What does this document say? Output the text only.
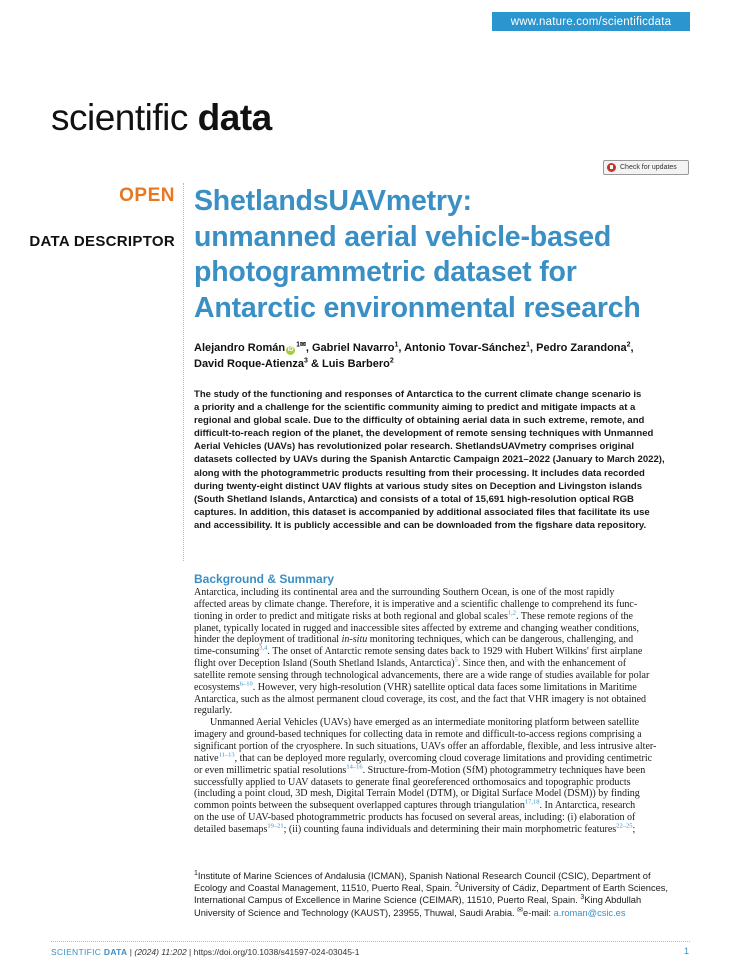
www.nature.com/scientificdata
scientific data
Check for updates
OPEN
DATA DESCRIPTOR
ShetlandsUAVmetry:
unmanned aerial vehicle-based
photogrammetric dataset for
Antarctic environmental research
Alejandro Román $iD^{1✉}$, Gabriel Navarro$^1$, Antonio Tovar-Sánchez$^1$, Pedro Zarandona$^2$,
David Roque-Atienza$^3$ & Luis Barbero$^2$
The study of the functioning and responses of Antarctica to the current climate change scenario is
a priority and a challenge for the scientific community aiming to predict and mitigate impacts at a
regional and global scale. Due to the difficulty of obtaining aerial data in such extreme, remote, and
difficult-to-reach region of the planet, the development of remote sensing techniques with Unmanned
Aerial Vehicles (UAVs) has revolutionized polar research. ShetlandsUAVmetry comprises original
datasets collected by UAVs during the Spanish Antarctic Campaign 2021–2022 (January to March 2022),
along with the photogrammetric products resulting from their processing. It includes data recorded
during twenty-eight distinct UAV flights at various study sites on Deception and Livingston islands
(South Shetland Islands, Antarctica) and consists of a total of 15,691 high-resolution optical RGB
captures. In addition, this dataset is accompanied by additional associated files that facilitate its use
and accessibility. It is publicly accessible and can be downloaded from the figshare data repository.
Background & Summary
Antarctica, including its continental area and the surrounding Southern Ocean, is one of the most rapidly
affected areas by climate change. Therefore, it is imperative and a scientific challenge to comprehend its func-
tioning in order to predict and mitigate risks at both regional and global scales$^{1,2}$. These remote regions of the
planet, typically located in rugged and inaccessible sites affected by extreme and changing weather conditions,
hinder the deployment of traditional in-situ monitoring techniques, which can be dangerous, challenging, and
time-consuming$^{3,4}$. The onset of Antarctic remote sensing dates back to 1929 with Hubert Wilkins' first airplane
flight over Deception Island (South Shetland Islands, Antarctica)$^5$. Since then, and with the enhancement of
satellite remote sensing through technological advancements, there are a wide range of studies available for polar
ecosystems$^{6-10}$. However, very high-resolution (VHR) satellite optical data faces some limitations in Maritime
Antarctica, such as the almost permanent cloud coverage, its cost, and the fact that VHR imagery is not obtained
regularly.
Unmanned Aerial Vehicles (UAVs) have emerged as an intermediate monitoring platform between satellite
imagery and ground-based techniques for collecting data in remote and difficult-to-access regions comprising a
significant portion of the cryosphere. In such situations, UAVs offer an affordable, flexible, and less intrusive alter-
native$^{11-13}$, that can be deployed more regularly, overcoming cloud coverage limitations and providing centimetric
or even millimetric spatial resolutions$^{14-16}$. Structure-from-Motion (SfM) photogrammetry techniques have been
successfully applied to UAV datasets to generate final georeferenced orthomosaics and topographic products
(including a point cloud, 3D mesh, Digital Terrain Model (DTM), or Digital Surface Model (DSM)) by finding
common points between the subsequent overlapped captures through triangulation$^{17,18}$. In Antarctica, research
on the use of UAV-based photogrammetric products has focused on several areas, including: (i) elaboration of
detailed basemaps$^{19-21}$; (ii) counting fauna individuals and determining their main morphometric features$^{22-25}$;
$^1$Institute of Marine Sciences of Andalusia (ICMAN), Spanish National Research Council (CSIC), Department of
Ecology and Coastal Management, 11510, Puerto Real, Spain. $^2$University of Cádiz, Department of Earth Sciences,
International Campus of Excellence in Marine Science (CEIMAR), 11510, Puerto Real, Spain. $^3$King Abdullah
University of Science and Technology (KAUST), 23955, Thuwal, Saudi Arabia. ✉e-mail: a.roman@csic.es
SCIENTIFIC DATA | (2024) 11:202 | https://doi.org/10.1038/s41597-024-03045-1	1
